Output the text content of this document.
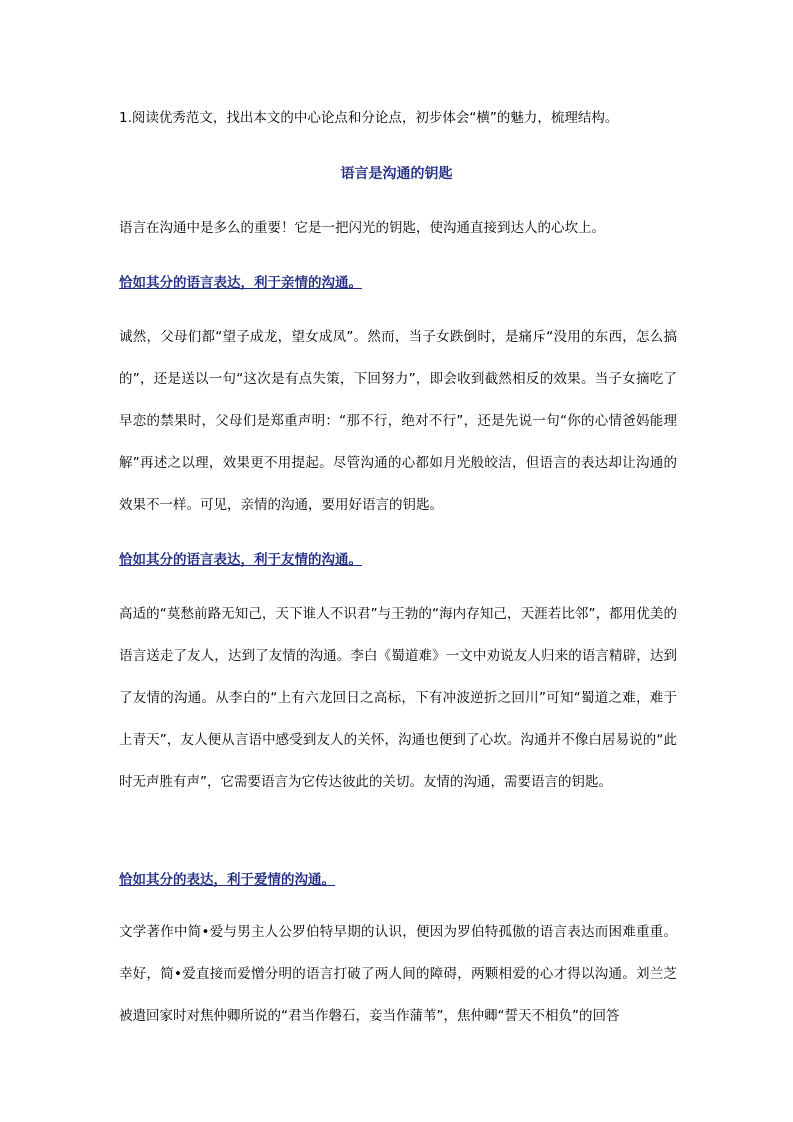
1.阅读优秀范文，找出本文的中心论点和分论点，初步体会“横”的魅力，梳理结构。
语言是沟通的钥匙
语言在沟通中是多么的重要！它是一把闪光的钥匙，使沟通直接到达人的心坎上。
恰如其分的语言表达，利于亲情的沟通。
诚然，父母们都“望子成龙，望女成凤”。然而，当子女跌倒时，是痛斥“没用的东西，怎么搞的”，还是送以一句“这次是有点失策，下回努力”，即会收到截然相反的效果。当子女摘吃了早恋的禁果时，父母们是郑重声明：“那不行，绝对不行”，还是先说一句“你的心情爸妈能理解”再述之以理，效果更不用提起。尽管沟通的心都如月光般皎洁，但语言的表达却让沟通的效果不一样。可见，亲情的沟通，要用好语言的钥匙。
恰如其分的语言表达，利于友情的沟通。
高适的“莫愁前路无知己，天下谁人不识君”与王勃的“海内存知己，天涯若比邻”，都用优美的语言送走了友人，达到了友情的沟通。李白《蜀道难》一文中劝说友人归来的语言精辟，达到了友情的沟通。从李白的“上有六龙回日之高标，下有冲波逆折之回川”可知“蜀道之难，难于上青天”，友人便从言语中感受到友人的关怀，沟通也便到了心坎。沟通并不像白居易说的“此时无声胜有声”，它需要语言为它传达彼此的关切。友情的沟通，需要语言的钥匙。
恰如其分的表达，利于爱情的沟通。
文学著作中简•爱与男主人公罗伯特早期的认识，便因为罗伯特孤傲的语言表达而困难重重。幸好，简•爱直接而爱憎分明的语言打破了两人间的障碍，两颗相爱的心才得以沟通。刘兰芝被遣回家时对焦仲卿所说的“君当作磐石，妾当作蒲苇”，焦仲卿“誓天不相负”的回答
